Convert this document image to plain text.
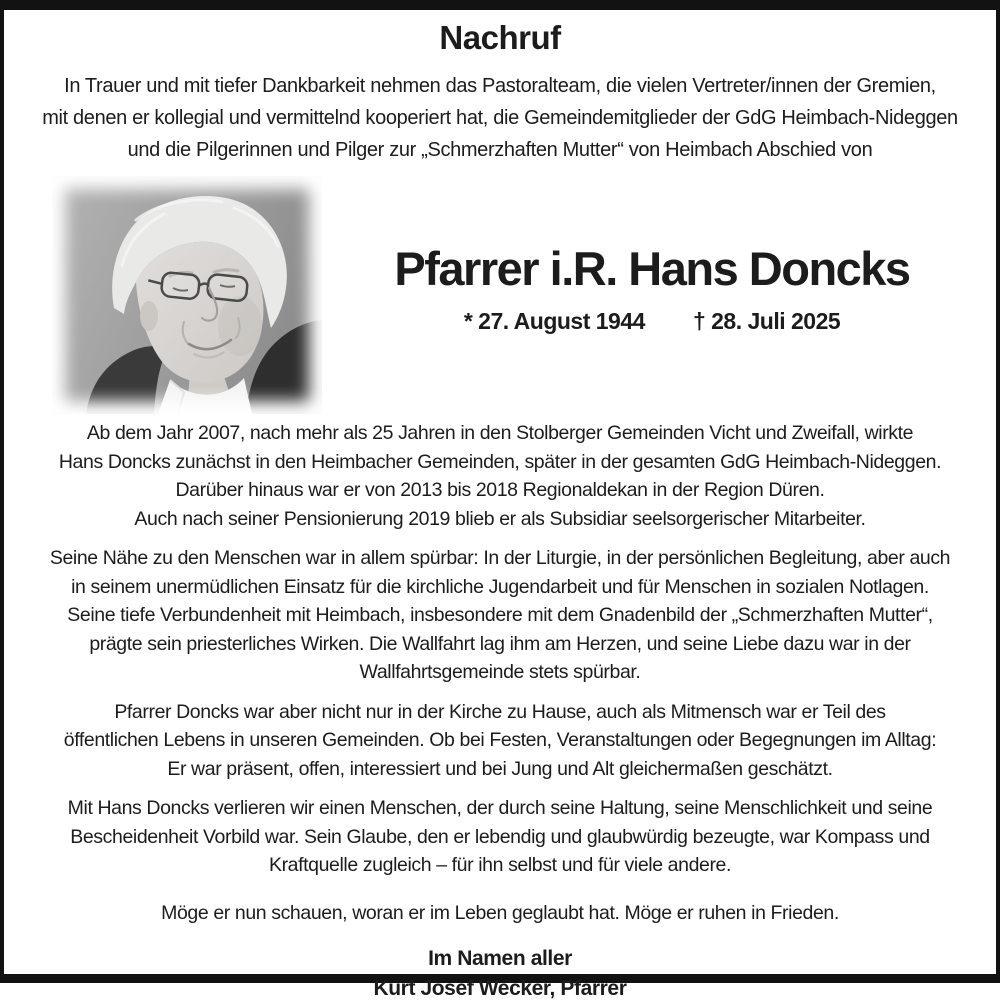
Nachruf
In Trauer und mit tiefer Dankbarkeit nehmen das Pastoralteam, die vielen Vertreter/innen der Gremien,
mit denen er kollegial und vermittelnd kooperiert hat, die Gemeindemitglieder der GdG Heimbach-Nideggen
und die Pilgerinnen und Pilger zur „Schmerzhaften Mutter“ von Heimbach Abschied von
Pfarrer i.R. Hans Doncks
* 27. August 1944 † 28. Juli 2025
Ab dem Jahr 2007, nach mehr als 25 Jahren in den Stolberger Gemeinden Vicht und Zweifall, wirkte
Hans Doncks zunächst in den Heimbacher Gemeinden, später in der gesamten GdG Heimbach-Nideggen.
Darüber hinaus war er von 2013 bis 2018 Regionaldekan in der Region Düren.
Auch nach seiner Pensionierung 2019 blieb er als Subsidiar seelsorgerischer Mitarbeiter.
Seine Nähe zu den Menschen war in allem spürbar: In der Liturgie, in der persönlichen Begleitung, aber auch
in seinem unermüdlichen Einsatz für die kirchliche Jugendarbeit und für Menschen in sozialen Notlagen.
Seine tiefe Verbundenheit mit Heimbach, insbesondere mit dem Gnadenbild der „Schmerzhaften Mutter“,
prägte sein priesterliches Wirken. Die Wallfahrt lag ihm am Herzen, und seine Liebe dazu war in der
Wallfahrtsgemeinde stets spürbar.
Pfarrer Doncks war aber nicht nur in der Kirche zu Hause, auch als Mitmensch war er Teil des
öffentlichen Lebens in unseren Gemeinden. Ob bei Festen, Veranstaltungen oder Begegnungen im Alltag:
Er war präsent, offen, interessiert und bei Jung und Alt gleichermaßen geschätzt.
Mit Hans Doncks verlieren wir einen Menschen, der durch seine Haltung, seine Menschlichkeit und seine
Bescheidenheit Vorbild war. Sein Glaube, den er lebendig und glaubwürdig bezeugte, war Kompass und
Kraftquelle zugleich – für ihn selbst und für viele andere.
Möge er nun schauen, woran er im Leben geglaubt hat. Möge er ruhen in Frieden.
Im Namen aller
Kurt Josef Wecker, Pfarrer
